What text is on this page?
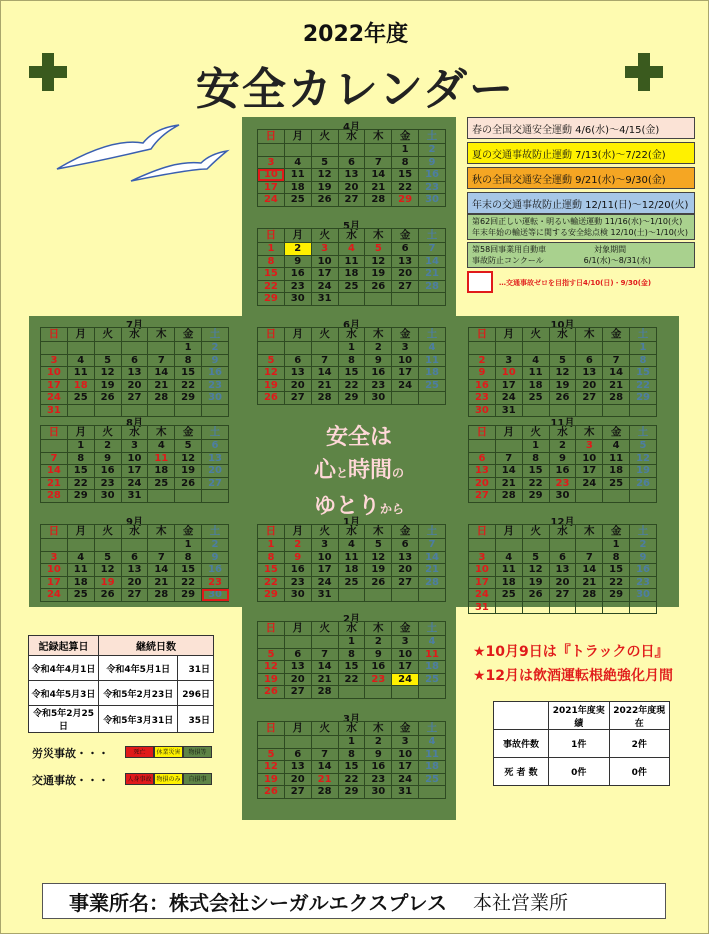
2022年度
安全カレンダー
4月
日	月	火	水	木	金	土
					1	2
3	4	5	6	7	8	9
10	11	12	13	14	15	16
17	18	19	20	21	22	23
24	25	26	27	28	29	30
5月
日	月	火	水	木	金	土
1	2	3	4	5	6	7
8	9	10	11	12	13	14
15	16	17	18	19	20	21
22	23	24	25	26	27	28
29	30	31				
7月
日	月	火	水	木	金	土
					1	2
3	4	5	6	7	8	9
10	11	12	13	14	15	16
17	18	19	20	21	22	23
24	25	26	27	28	29	30
31						
6月
日	月	火	水	木	金	土
			1	2	3	4
5	6	7	8	9	10	11
12	13	14	15	16	17	18
19	20	21	22	23	24	25
26	27	28	29	30		
10月
日	月	火	水	木	金	土
						1
2	3	4	5	6	7	8
9	10	11	12	13	14	15
16	17	18	19	20	21	22
23	24	25	26	27	28	29
30	31					
8月
日	月	火	水	木	金	土
	1	2	3	4	5	6
7	8	9	10	11	12	13
14	15	16	17	18	19	20
21	22	23	24	25	26	27
28	29	30	31			
11月
日	月	火	水	木	金	土
		1	2	3	4	5
6	7	8	9	10	11	12
13	14	15	16	17	18	19
20	21	22	23	24	25	26
27	28	29	30			
9月
日	月	火	水	木	金	土
					1	2
3	4	5	6	7	8	9
10	11	12	13	14	15	16
17	18	19	20	21	22	23
24	25	26	27	28	29	30
1月
日	月	火	水	木	金	土
1	2	3	4	5	6	7
8	9	10	11	12	13	14
15	16	17	18	19	20	21
22	23	24	25	26	27	28
29	30	31				
12月
日	月	火	水	木	金	土
					1	2
3	4	5	6	7	8	9
10	11	12	13	14	15	16
17	18	19	20	21	22	23
24	25	26	27	28	29	30
31						
2月
日	月	火	水	木	金	土
			1	2	3	4
5	6	7	8	9	10	11
12	13	14	15	16	17	18
19	20	21	22	23	24	25
26	27	28				
3月
日	月	火	水	木	金	土
			1	2	3	4
5	6	7	8	9	10	11
12	13	14	15	16	17	18
19	20	21	22	23	24	25
26	27	28	29	30	31	
安全は
心と時間の
ゆとりから
春の全国交通安全運動 4/6(水)～4/15(金)
夏の交通事故防止運動 7/13(水)～7/22(金)
秋の全国交通安全運動 9/21(水)～9/30(金)
年末の交通事故防止運動 12/11(日)～12/20(火)
第62回正しい運転・明るい輸送運動 11/16(水)～1/10(火)
年末年始の輸送等に関する安全総点検 12/10(土)～1/10(火)
第58回事業用自動車　　　　　　対象期間
事故防止コンクール　　　　　6/1(水)～8/31(水)
…交通事故ゼロを目指す日4/10(日)・9/30(金)
★10月9日は『トラックの日』
★12月は飲酒運転根絶強化月間
記録起算日	継続日数	
令和4年4月1日	令和4年5月1日	31日
令和4年5月3日	令和5年2月23日	296日
令和5年2月25日	令和5年3月31日	35日
労災事故・・・	死亡	休業災害	物損等
交通事故・・・	人身事故 物損のみ	自損事
	2021年度実績	2022年度現在
事故件数	1件	2件
死 者 数	0件	0件
事業所名：株式会社シーガルエクスプレス 本社営業所
